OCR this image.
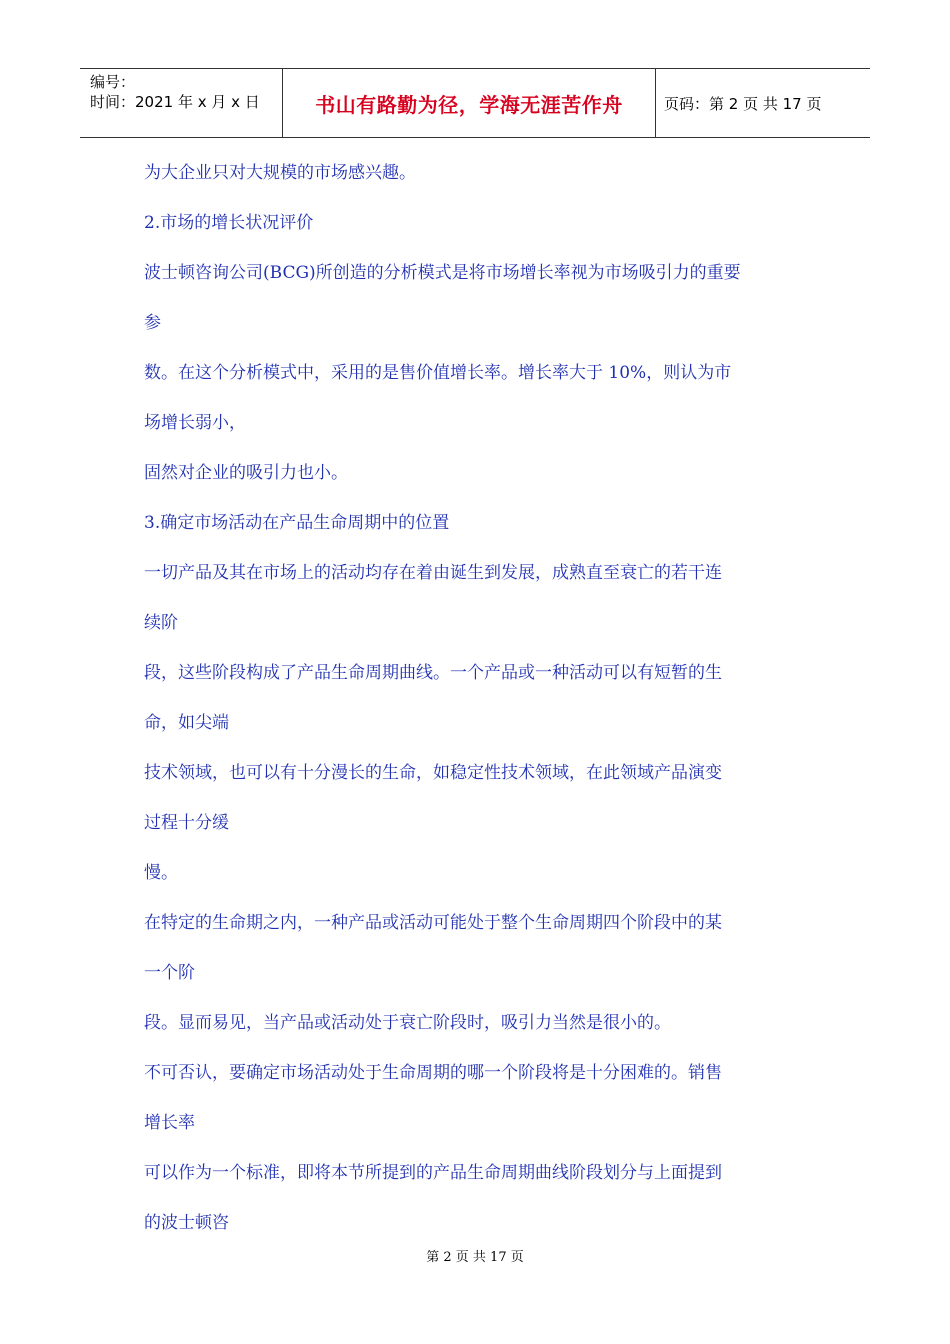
编号：
时间：2021 年 x 月 x 日	书山有路勤为径，学海无涯苦作舟	页码：第 2 页 共 17 页
为大企业只对大规模的市场感兴趣。
2.市场的增长状况评价
波士顿咨询公司(BCG)所创造的分析模式是将市场增长率视为市场吸引力的重要
参
数。在这个分析模式中，采用的是售价值增长率。增长率大于 10%，则认为市
场增长弱小，
固然对企业的吸引力也小。
3.确定市场活动在产品生命周期中的位置
一切产品及其在市场上的活动均存在着由诞生到发展，成熟直至衰亡的若干连
续阶
段，这些阶段构成了产品生命周期曲线。一个产品或一种活动可以有短暂的生
命，如尖端
技术领域，也可以有十分漫长的生命，如稳定性技术领域，在此领域产品演变
过程十分缓
慢。
在特定的生命期之内，一种产品或活动可能处于整个生命周期四个阶段中的某
一个阶
段。显而易见，当产品或活动处于衰亡阶段时，吸引力当然是很小的。
不可否认，要确定市场活动处于生命周期的哪一个阶段将是十分困难的。销售
增长率
可以作为一个标准，即将本节所提到的产品生命周期曲线阶段划分与上面提到
的波士顿咨
第 2 页 共 17 页
